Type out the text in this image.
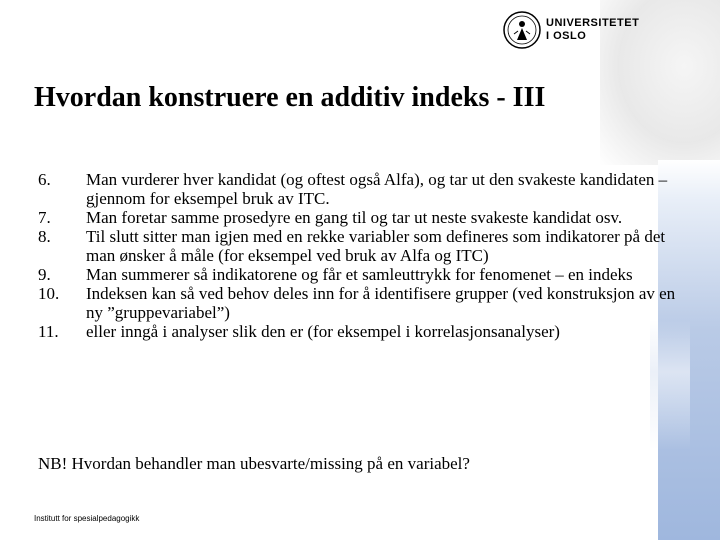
UNIVERSITETET
I OSLO
Hvordan konstruere en additiv indeks - III
6.	Man vurderer hver kandidat (og oftest også Alfa), og tar ut den svakeste kandidaten – gjennom for eksempel bruk av ITC.
7.	Man foretar samme prosedyre en gang til og tar ut neste svakeste kandidat osv.
8.	Til slutt sitter man igjen med en rekke variabler som defineres som indikatorer på det man ønsker å måle (for eksempel ved bruk av Alfa og ITC)
9.	Man summerer så indikatorene og får et samleuttrykk for fenomenet – en indeks
10.	Indeksen kan så ved behov deles inn for å identifisere grupper (ved konstruksjon av en ny ”gruppevariabel”)
11.	eller inngå i analyser slik den er (for eksempel i korrelasjonsanalyser)
NB! Hvordan behandler man ubesvarte/missing på en variabel?
Institutt for spesialpedagogikk
